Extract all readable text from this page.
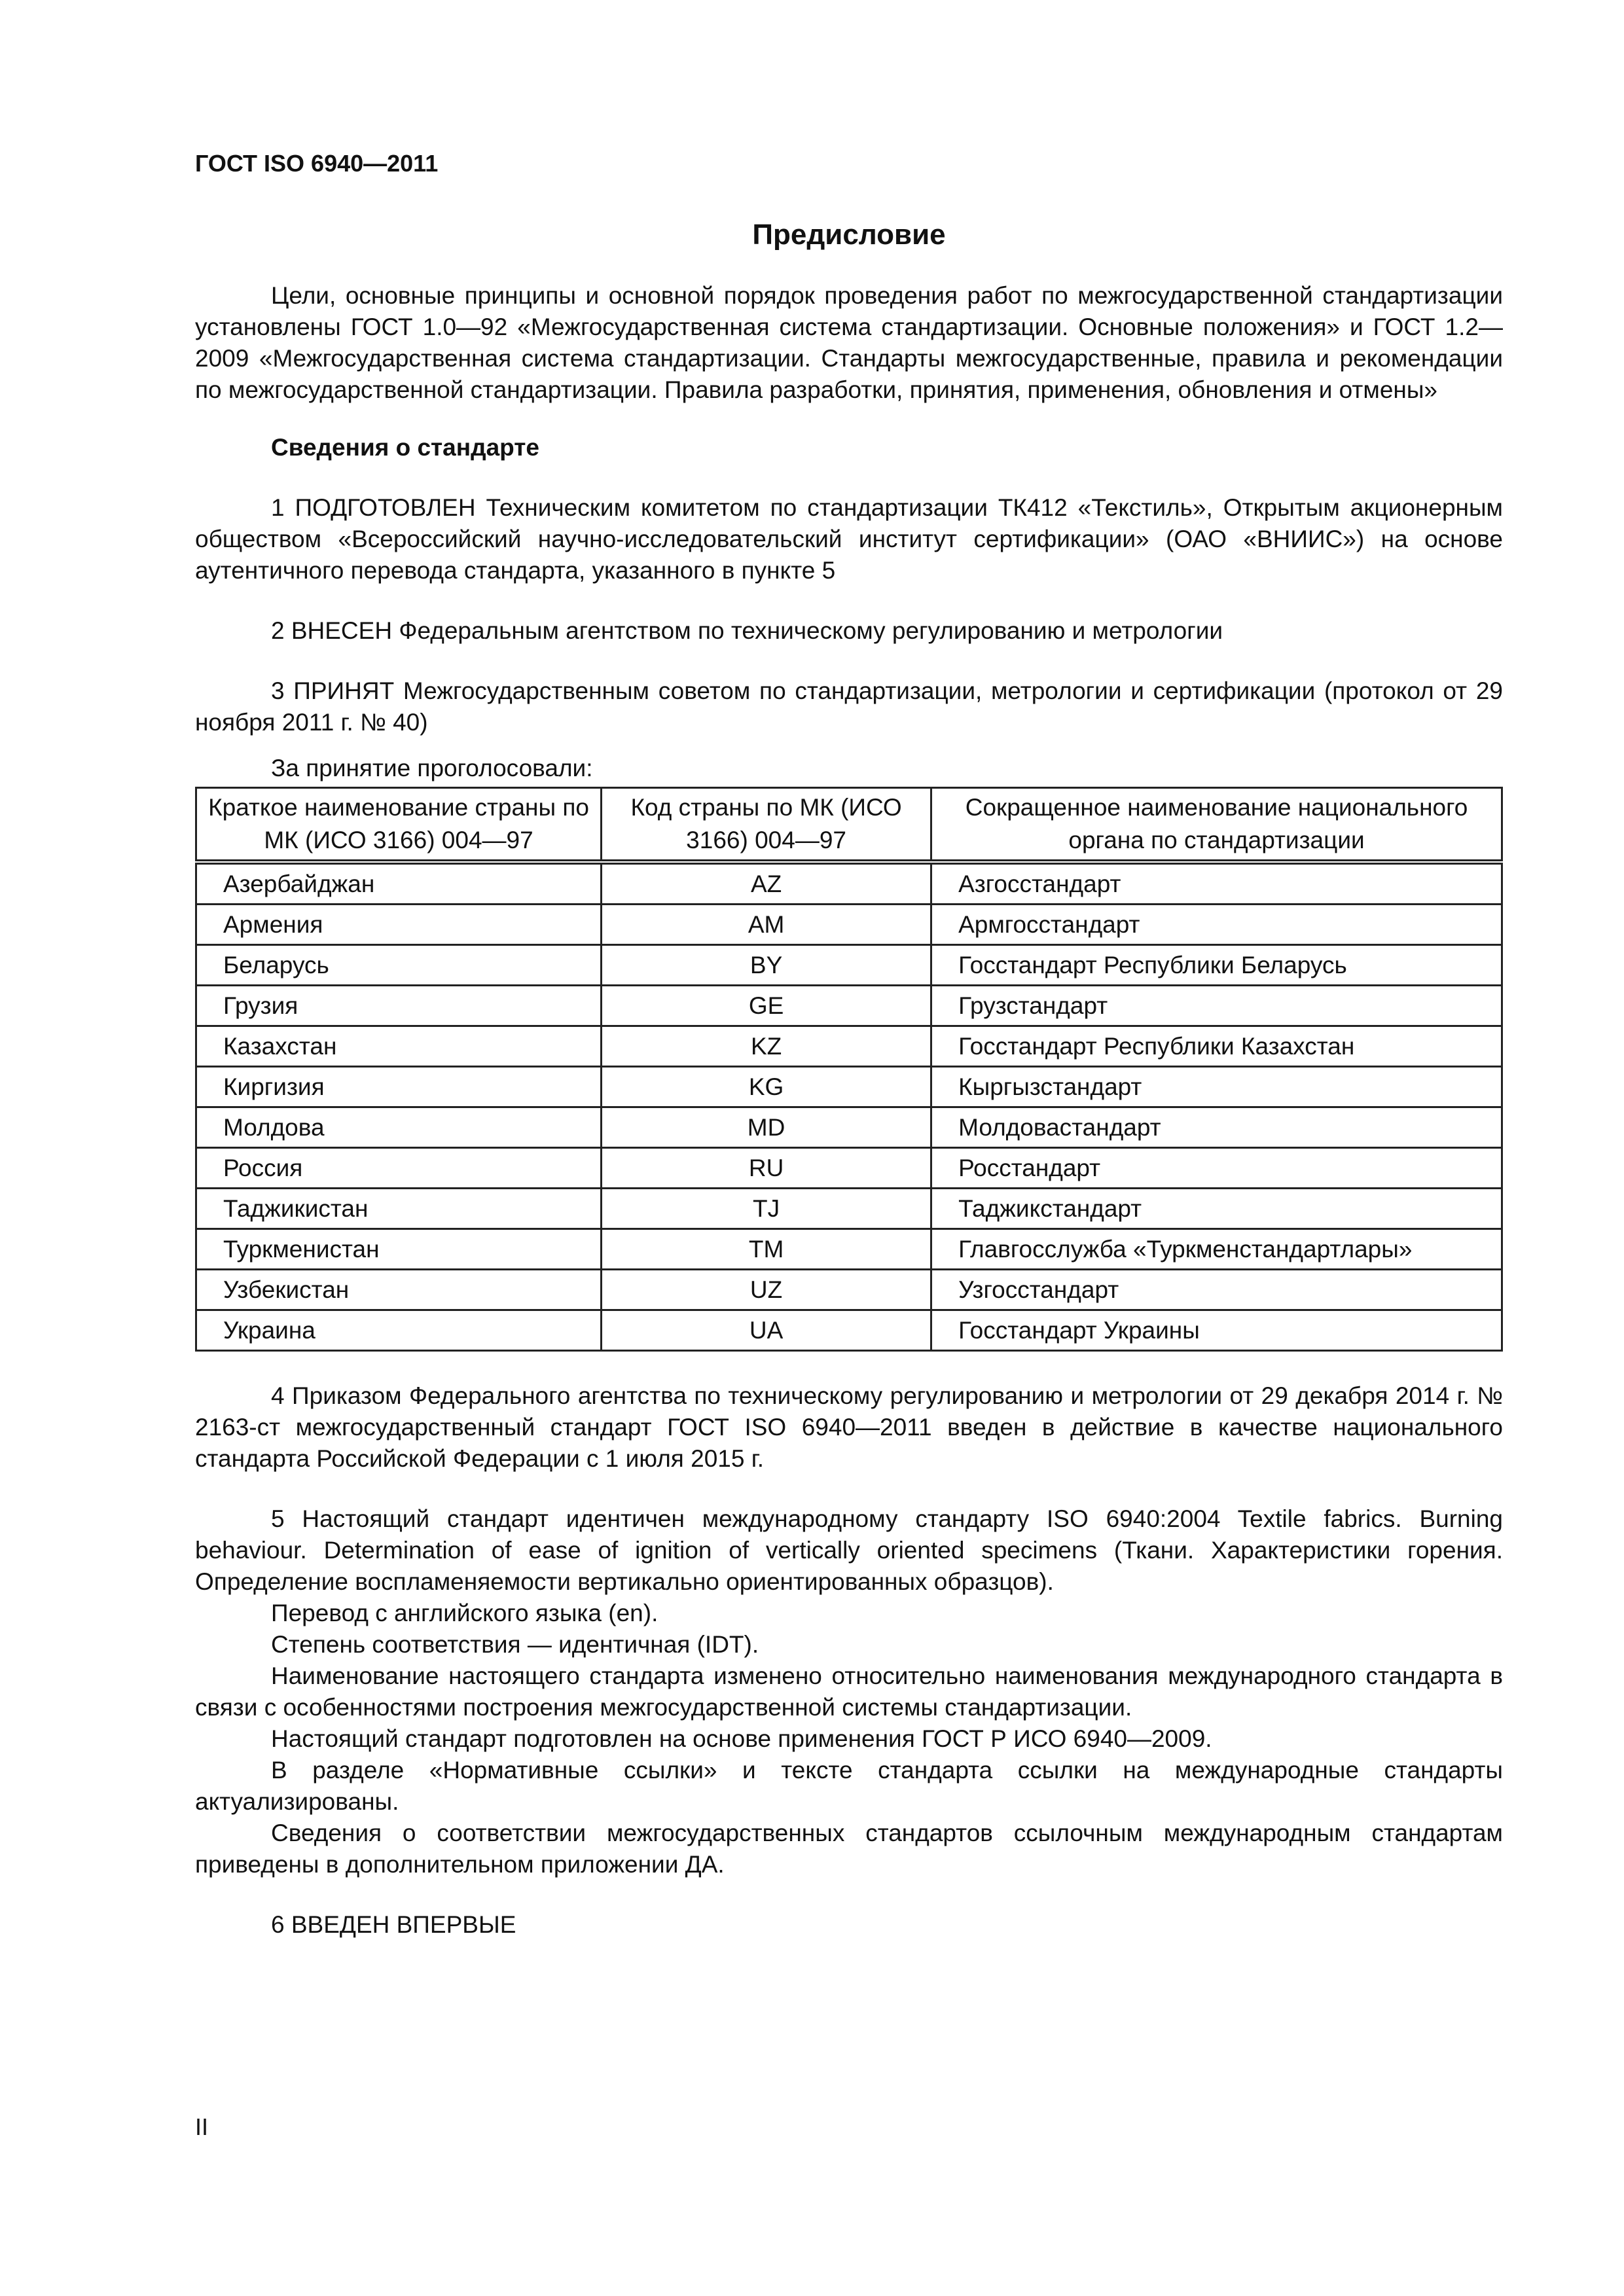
ГОСТ ISO 6940—2011
Предисловие

Цели, основные принципы и основной порядок проведения работ по межгосударственной стандартизации установлены ГОСТ 1.0—92 «Межгосударственная система стандартизации. Основные положения» и ГОСТ 1.2—2009 «Межгосударственная система стандартизации. Стандарты межгосударственные, правила и рекомендации по межгосударственной стандартизации. Правила разработки, принятия, применения, обновления и отмены»

Сведения о стандарте

1 ПОДГОТОВЛЕН Техническим комитетом по стандартизации ТК412 «Текстиль», Открытым акционерным обществом «Всероссийский научно-исследовательский институт сертификации» (ОАО «ВНИИС») на основе аутентичного перевода стандарта, указанного в пункте 5

2 ВНЕСЕН Федеральным агентством по техническому регулированию и метрологии

3 ПРИНЯТ Межгосударственным советом по стандартизации, метрологии и сертификации (протокол от 29 ноября 2011 г. № 40)

За принятие проголосовали:

Краткое наименование страны по МК (ИСО 3166) 004—97	Код страны по МК (ИСО 3166) 004—97	Сокращенное наименование национального органа по стандартизации
Азербайджан	AZ	Азгосстандарт
Армения	AM	Армгосстандарт
Беларусь	BY	Госстандарт Республики Беларусь
Грузия	GE	Грузстандарт
Казахстан	KZ	Госстандарт Республики Казахстан
Киргизия	KG	Кыргызстандарт
Молдова	MD	Молдовастандарт
Россия	RU	Росстандарт
Таджикистан	TJ	Таджикстандарт
Туркменистан	TM	Главгосслужба «Туркменстандартлары»
Узбекистан	UZ	Узгосстандарт
Украина	UA	Госстандарт Украины

4 Приказом Федерального агентства по техническому регулированию и метрологии от 29 декабря 2014 г. № 2163-ст межгосударственный стандарт ГОСТ ISO 6940—2011 введен в действие в качестве национального стандарта Российской Федерации с 1 июля 2015 г.

5 Настоящий стандарт идентичен международному стандарту ISO 6940:2004 Textile fabrics. Burning behaviour. Determination of ease of ignition of vertically oriented specimens (Ткани. Характеристики горения. Определение воспламеняемости вертикально ориентированных образцов).

Перевод с английского языка (en).

Степень соответствия — идентичная (IDT).

Наименование настоящего стандарта изменено относительно наименования международного стандарта в связи с особенностями построения межгосударственной системы стандартизации.

Настоящий стандарт подготовлен на основе применения ГОСТ Р ИСО 6940—2009.

В разделе «Нормативные ссылки» и тексте стандарта ссылки на международные стандарты актуализированы.

Сведения о соответствии межгосударственных стандартов ссылочным международным стандартам приведены в дополнительном приложении ДА.

6 ВВЕДЕН ВПЕРВЫЕ

II
